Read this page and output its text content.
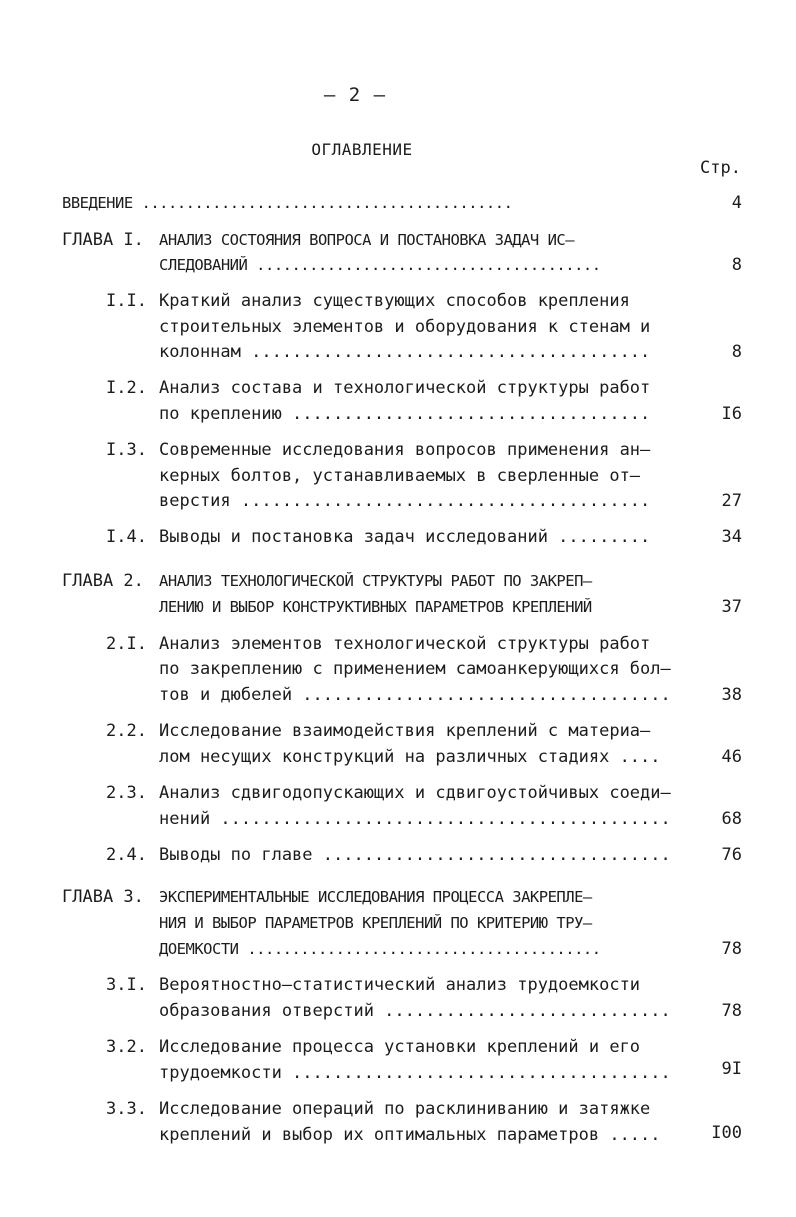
– 2 –
ОГЛАВЛЕНИЕ
Стр.
ВВЕДЕНИЕ ..........................................	4
ГЛАВА I. АНАЛИЗ СОСТОЯНИЯ ВОПРОСА И ПОСТАНОВКА ЗАДАЧ ИС–
СЛЕДОВАНИЙ .......................................	8
I.I. Краткий анализ существующих способов крепления
строительных элементов и оборудования к стенам и
колоннам .......................................	8
I.2. Анализ состава и технологической структуры работ
по креплению ...................................	I6
I.3. Современные исследования вопросов применения ан–
керных болтов, устанавливаемых в сверленные от–
верстия ........................................	27
I.4. Выводы и постановка задач исследований .........	34
ГЛАВА 2. АНАЛИЗ ТЕХНОЛОГИЧЕСКОЙ СТРУКТУРЫ РАБОТ ПО ЗАКРЕП–
ЛЕНИЮ И ВЫБОР КОНСТРУКТИВНЫХ ПАРАМЕТРОВ КРЕПЛЕНИЙ	37
2.I. Анализ элементов технологической структуры работ
по закреплению с применением самоанкерующихся бол–
тов и дюбелей ....................................	38
2.2. Исследование взаимодействия креплений с материа–
лом несущих конструкций на различных стадиях ....	46
2.3. Анализ сдвигодопускающих и сдвигоустойчивых соеди–
нений ............................................	68
2.4. Выводы по главе ..................................	76
ГЛАВА 3. ЭКСПЕРИМЕНТАЛЬНЫЕ ИССЛЕДОВАНИЯ ПРОЦЕССА ЗАКРЕПЛЕ–
НИЯ И ВЫБОР ПАРАМЕТРОВ КРЕПЛЕНИЙ ПО КРИТЕРИЮ ТРУ–
ДОЕМКОСТИ ........................................	78
3.I. Вероятностно–статистический анализ трудоемкости
образования отверстий ............................	78
3.2. Исследование процесса установки креплений и его
трудоемкости .....................................	9I
3.3. Исследование операций по расклиниванию и затяжке
креплений и выбор их оптимальных параметров .....	I00
